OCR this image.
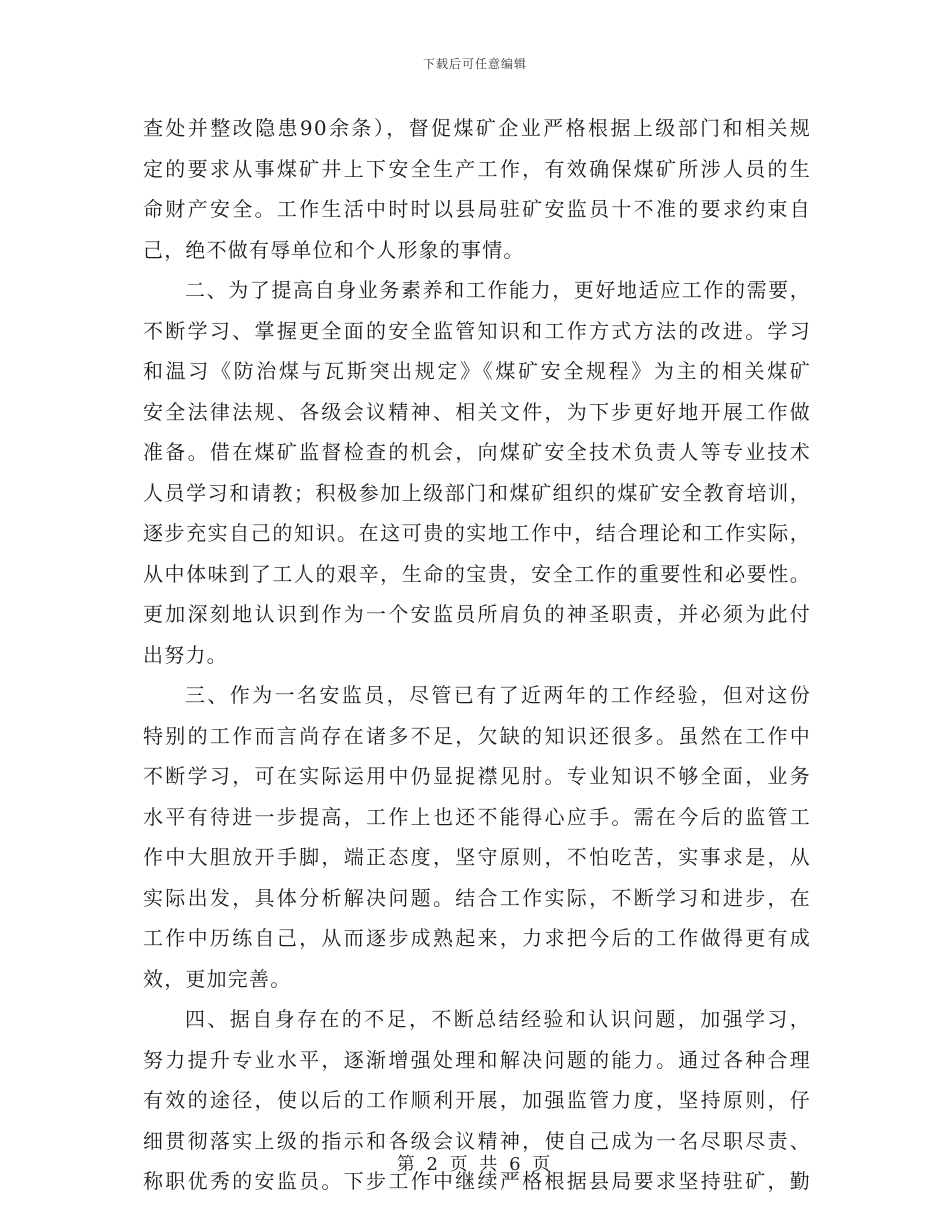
下载后可任意编辑
查处并整改隐患90余条），督促煤矿企业严格根据上级部门和相关规
定的要求从事煤矿井上下安全生产工作，有效确保煤矿所涉人员的生
命财产安全。工作生活中时时以县局驻矿安监员十不准的要求约束自
己，绝不做有辱单位和个人形象的事情。
二、为了提高自身业务素养和工作能力，更好地适应工作的需要，
不断学习、掌握更全面的安全监管知识和工作方式方法的改进。学习
和温习《防治煤与瓦斯突出规定》《煤矿安全规程》为主的相关煤矿
安全法律法规、各级会议精神、相关文件，为下步更好地开展工作做
准备。借在煤矿监督检查的机会，向煤矿安全技术负责人等专业技术
人员学习和请教；积极参加上级部门和煤矿组织的煤矿安全教育培训，
逐步充实自己的知识。在这可贵的实地工作中，结合理论和工作实际，
从中体味到了工人的艰辛，生命的宝贵，安全工作的重要性和必要性。
更加深刻地认识到作为一个安监员所肩负的神圣职责，并必须为此付
出努力。
三、作为一名安监员，尽管已有了近两年的工作经验，但对这份
特别的工作而言尚存在诸多不足，欠缺的知识还很多。虽然在工作中
不断学习，可在实际运用中仍显捉襟见肘。专业知识不够全面，业务
水平有待进一步提高，工作上也还不能得心应手。需在今后的监管工
作中大胆放开手脚，端正态度，坚守原则，不怕吃苦，实事求是，从
实际出发，具体分析解决问题。结合工作实际，不断学习和进步，在
工作中历练自己，从而逐步成熟起来，力求把今后的工作做得更有成
效，更加完善。
四、据自身存在的不足，不断总结经验和认识问题，加强学习，
努力提升专业水平，逐渐增强处理和解决问题的能力。通过各种合理
有效的途径，使以后的工作顺利开展，加强监管力度，坚持原则，仔
细贯彻落实上级的指示和各级会议精神，使自己成为一名尽职尽责、
称职优秀的安监员。下步工作中继续严格根据县局要求坚持驻矿，勤
第 2 页 共 6 页
